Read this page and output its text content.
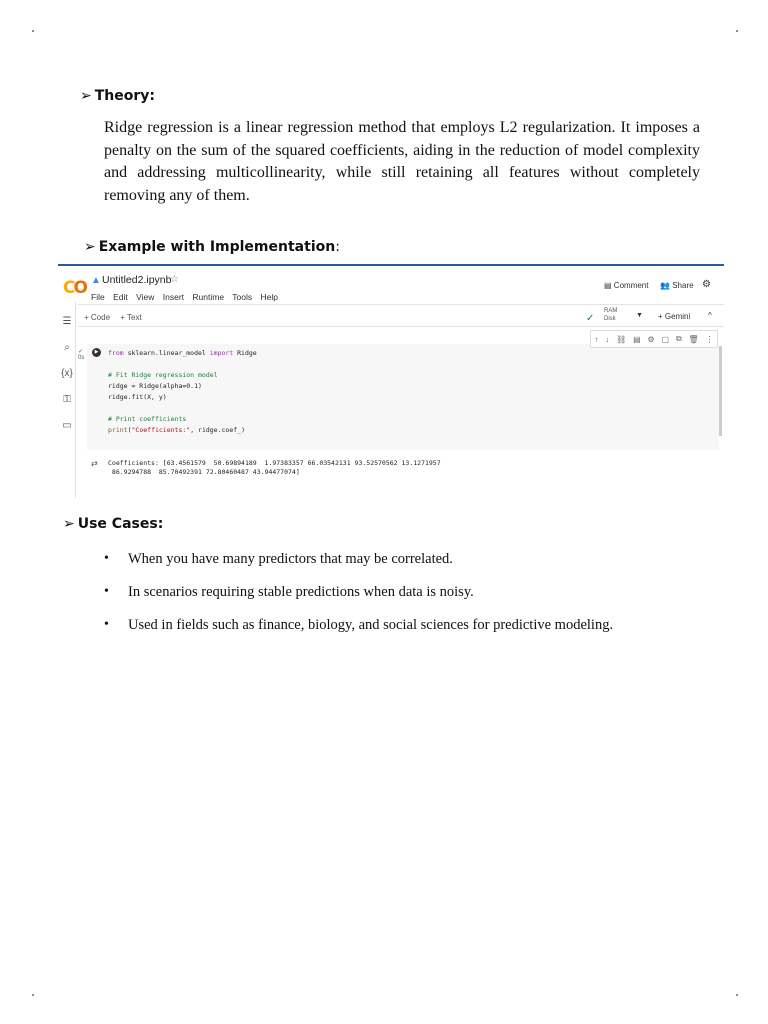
➢ Theory:

Ridge regression is a linear regression method that employs L2 regularization. It imposes a penalty on the sum of the squared coefficients, aiding in the reduction of model complexity and addressing multicollinearity, while still retaining all features without completely removing any of them.

➢ Example with Implementation:
CO ▲ Untitled2.ipynb
☆
File Edit View Insert Runtime Tools Help
▤ Comment 👥 Share ⚙
☰
⌕
{x}
⚿
▭
+ Code + Text	✓
RAM
Disk	▼ + Gemini ^
↑ ↓ ⛓ ▤ ⚙ ▢ ⧉ 🗑 ⋮
✓
0s
▶	from sklearn.linear_model import Ridge

# Fit Ridge regression model
ridge = Ridge(alpha=0.1)
ridge.fit(X, y)

# Print coefficients
print("Coefficients:", ridge.coef_)
⇄ Coefficients: [63.4561579  50.69894189  1.97383357 66.03542131 93.52570562 13.1271957
86.9294788  85.70492391 72.80460487 43.94477074]
➢ Use Cases:
• When you have many predictors that may be correlated.
• In scenarios requiring stable predictions when data is noisy.
• Used in fields such as finance, biology, and social sciences for predictive modeling.
